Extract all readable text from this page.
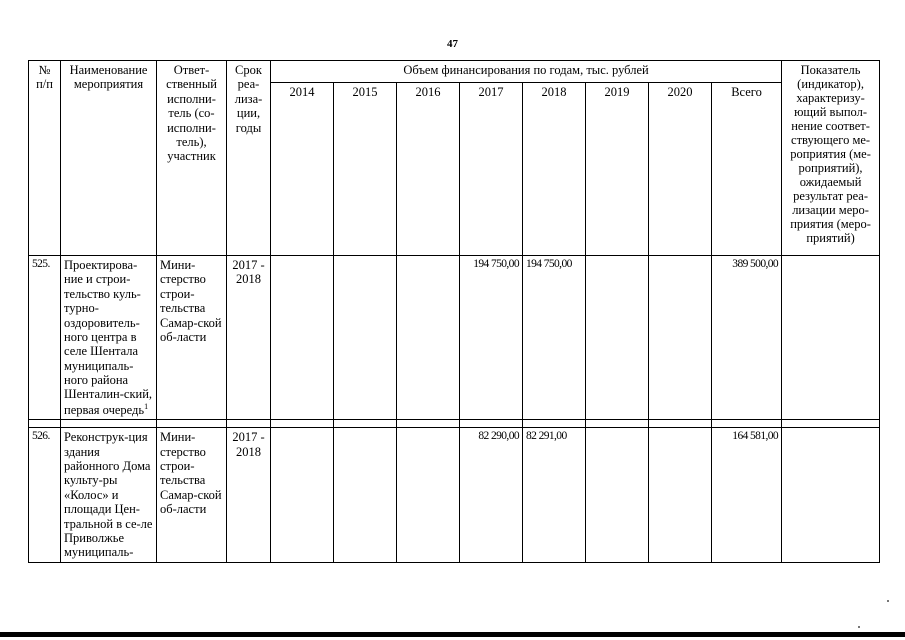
47
№ п/п	Наименование мероприятия	Ответ-ственный исполни-тель (со-исполни-тель), участник	Срок реа-лиза-ции, годы	Объем финансирования по годам, тыс. рублей								Показатель (индикатор), характеризу-ющий выпол-нение соответ-ствующего ме-роприятия (ме-роприятий), ожидаемый результат реа-лизации меро-приятия (меро-приятий)
				2014	2015	2016	2017	2018	2019	2020	Всего	
525.	Проектирова-ние и строи-тельство куль-турно-оздоровитель-ного центра в селе Шентала муниципаль-ного района Шенталин-ский, первая очередь$^1$	Мини-стерство строи-тельства Самар-ской об-ласти	2017 - 2018				194 750,00	194 750,00			389 500,00	

526.	Реконструк-ция здания районного Дома культу-ры «Колос» и площади Цен-тральной в се-ле Приволжье муниципаль-	Мини-стерство строи-тельства Самар-ской об-ласти	2017 - 2018				82 290,00	82 291,00			164 581,00	
